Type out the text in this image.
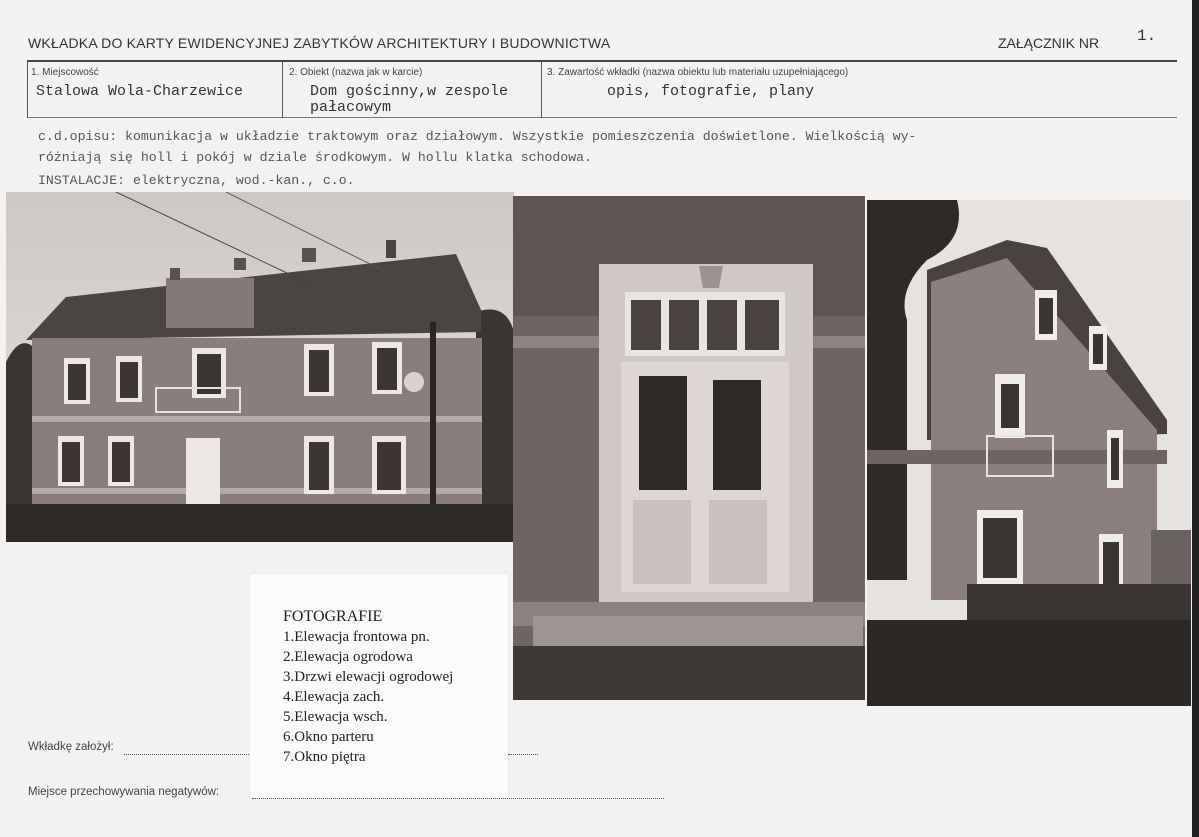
WKŁADKA DO KARTY EWIDENCYJNEJ ZABYTKÓW ARCHITEKTURY I BUDOWNICTWA	ZAŁĄCZNIK NR 1.
1. Miejscowość
Stalowa Wola-Charzewice
2. Obiekt (nazwa jak w karcie)
Dom gościnny,w zespole
pałacowym
3. Zawartość wkładki (nazwa obiektu lub materiału uzupełniającego)
opis, fotografie, plany
c.d.opisu: komunikacja w układzie traktowym oraz działowym. Wszystkie pomieszczenia doświetlone. Wielkością wy-
różniają się holl i pokój w dziale środkowym. W hollu klatka schodowa.
INSTALACJE: elektryczna, wod.-kan., c.o.
FOTOGRAFIE
1.Elewacja frontowa pn.
2.Elewacja ogrodowa
3.Drzwi elewacji ogrodowej
4.Elewacja zach.
5.Elewacja wsch.
6.Okno parteru
7.Okno piętra
Wkładkę założył:
Miejsce przechowywania negatywów:
